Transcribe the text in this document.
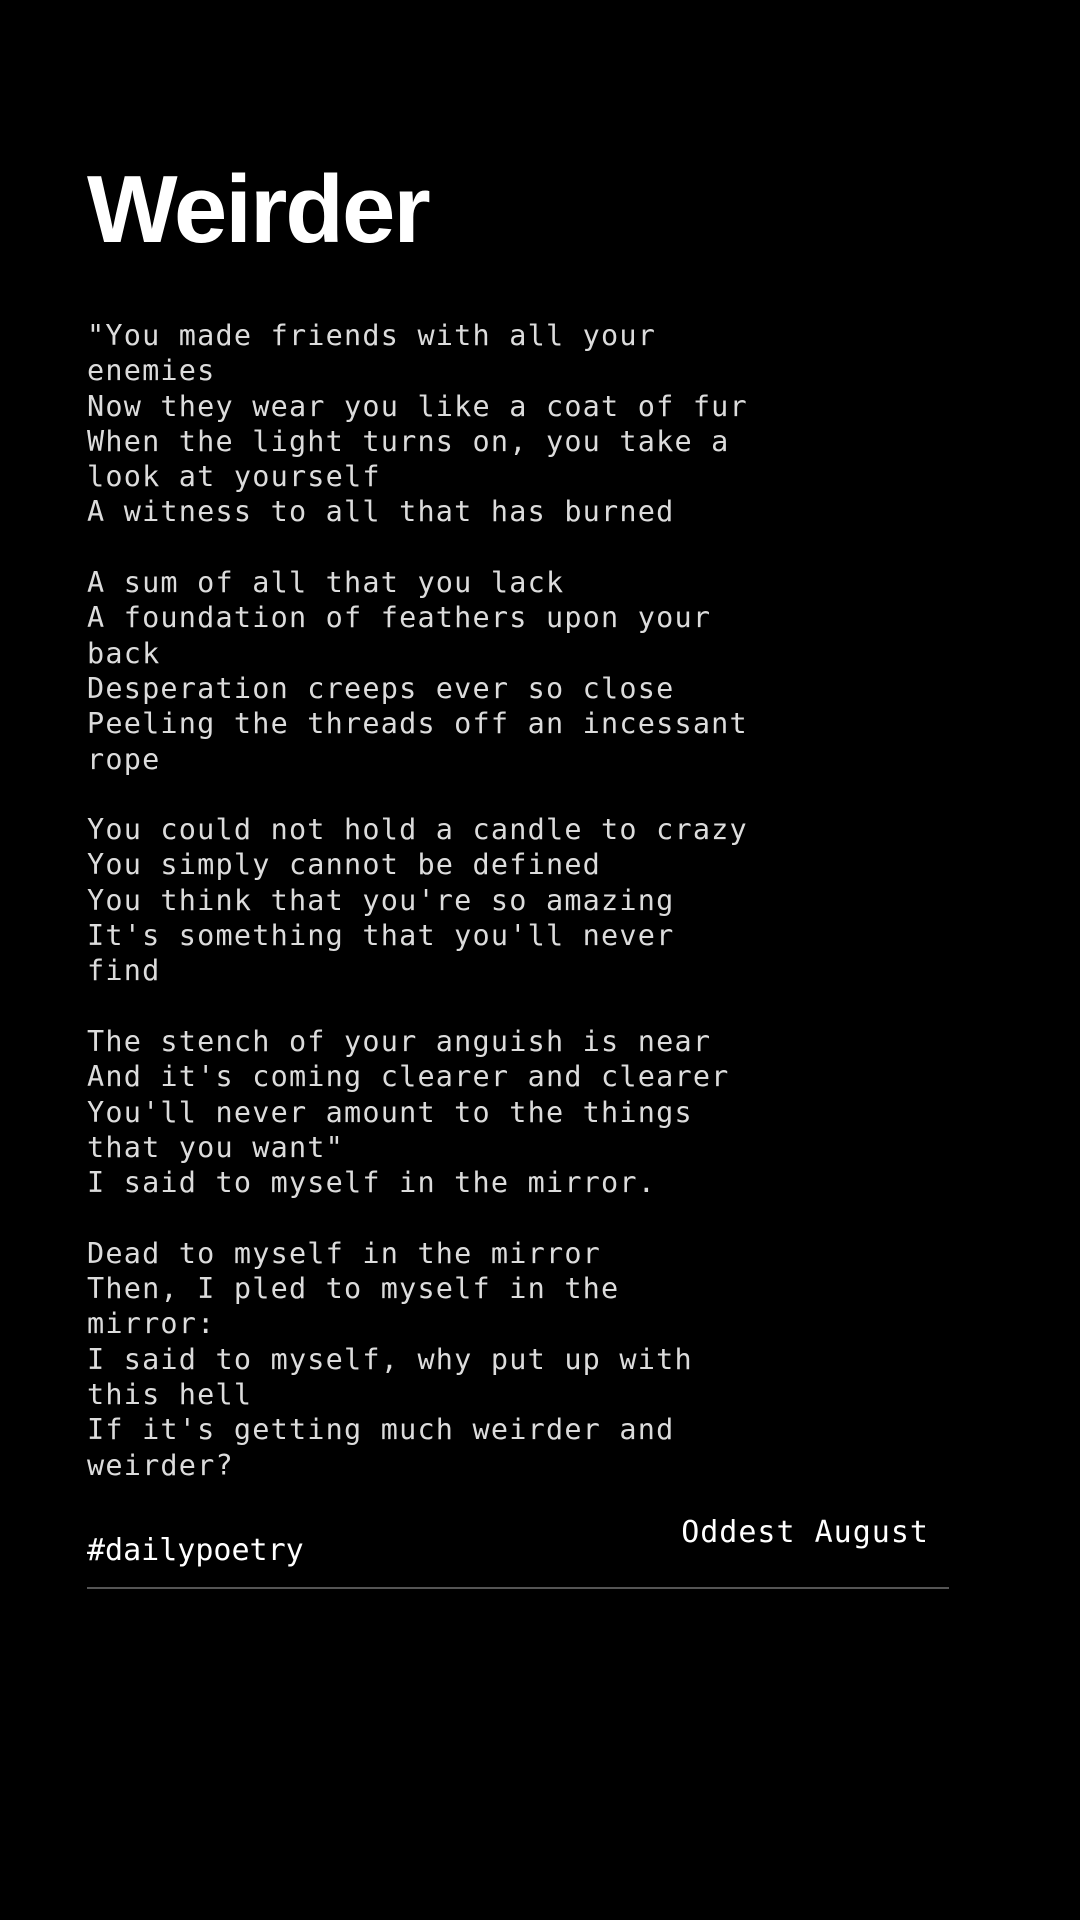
Weirder
"You made friends with all your
enemies
Now they wear you like a coat of fur
When the light turns on, you take a
look at yourself
A witness to all that has burned
A sum of all that you lack
A foundation of feathers upon your
back
Desperation creeps ever so close
Peeling the threads off an incessant
rope
You could not hold a candle to crazy
You simply cannot be defined
You think that you're so amazing
It's something that you'll never
find
The stench of your anguish is near
And it's coming clearer and clearer
You'll never amount to the things
that you want"
I said to myself in the mirror.
Dead to myself in the mirror
Then, I pled to myself in the
mirror:
I said to myself, why put up with
this hell
If it's getting much weirder and
weirder?
#dailypoetry
Oddest August
